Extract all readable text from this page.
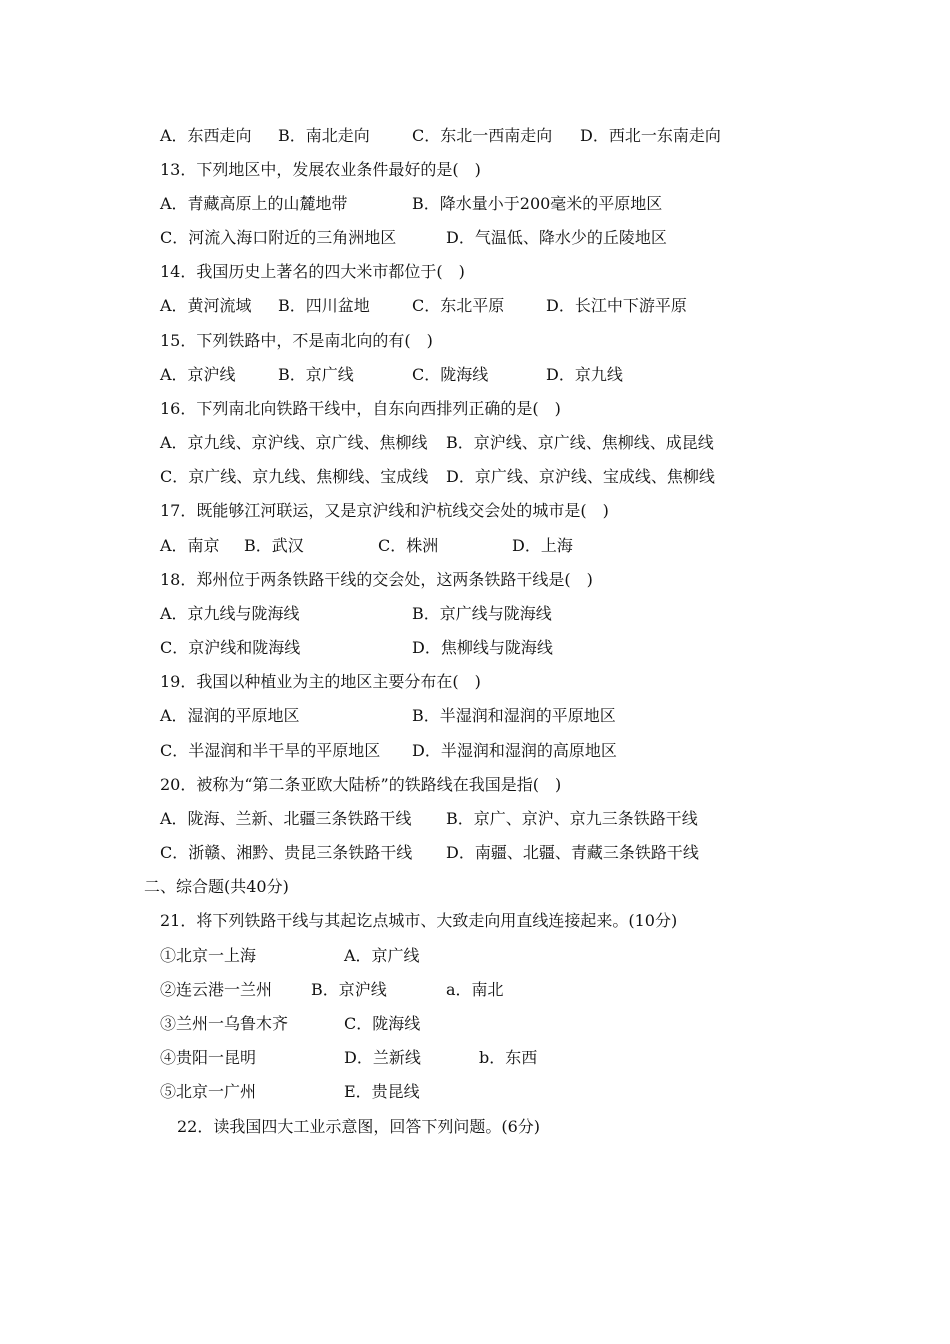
A．东西走向 B．南北走向	C．东北一西南走向 D．西北一东南走向
13．下列地区中，发展农业条件最好的是(　)
A．青藏高原上的山麓地带	B．降水量小于200毫米的平原地区
C．河流入海口附近的三角洲地区	D．气温低、降水少的丘陵地区
14．我国历史上著名的四大米市都位于(　)
A．黄河流域 B．四川盆地	C．东北平原	D．长江中下游平原
15．下列铁路中，不是南北向的有(　)
A．京沪线	B．京广线	C．陇海线	D．京九线
16．下列南北向铁路干线中，自东向西排列正确的是(　)
A．京九线、京沪线、京广线、焦柳线 B．京沪线、京广线、焦柳线、成昆线
C．京广线、京九线、焦柳线、宝成线 D．京广线、京沪线、宝成线、焦柳线
17．既能够江河联运，又是京沪线和沪杭线交会处的城市是(　)
A．南京 B．武汉	C．株洲	D．上海
18．郑州位于两条铁路干线的交会处，这两条铁路干线是(　)
A．京九线与陇海线	B．京广线与陇海线
C．京沪线和陇海线	D．焦柳线与陇海线
19．我国以种植业为主的地区主要分布在(　)
A．湿润的平原地区	B．半湿润和湿润的平原地区
C．半湿润和半干旱的平原地区 D．半湿润和湿润的高原地区
20．被称为“第二条亚欧大陆桥”的铁路线在我国是指(　)
A．陇海、兰新、北疆三条铁路干线 B．京广、京沪、京九三条铁路干线
C．浙赣、湘黔、贵昆三条铁路干线 D．南疆、北疆、青藏三条铁路干线
二、综合题(共40分)
21．将下列铁路干线与其起讫点城市、大致走向用直线连接起来。(10分)
①北京一上海	A．京广线
②连云港一兰州 B．京沪线	a．南北
③兰州一乌鲁木齐	C．陇海线
④贵阳一昆明	D．兰新线	b．东西
⑤北京一广州	E．贵昆线
22．读我国四大工业示意图，回答下列问题。(6分)
